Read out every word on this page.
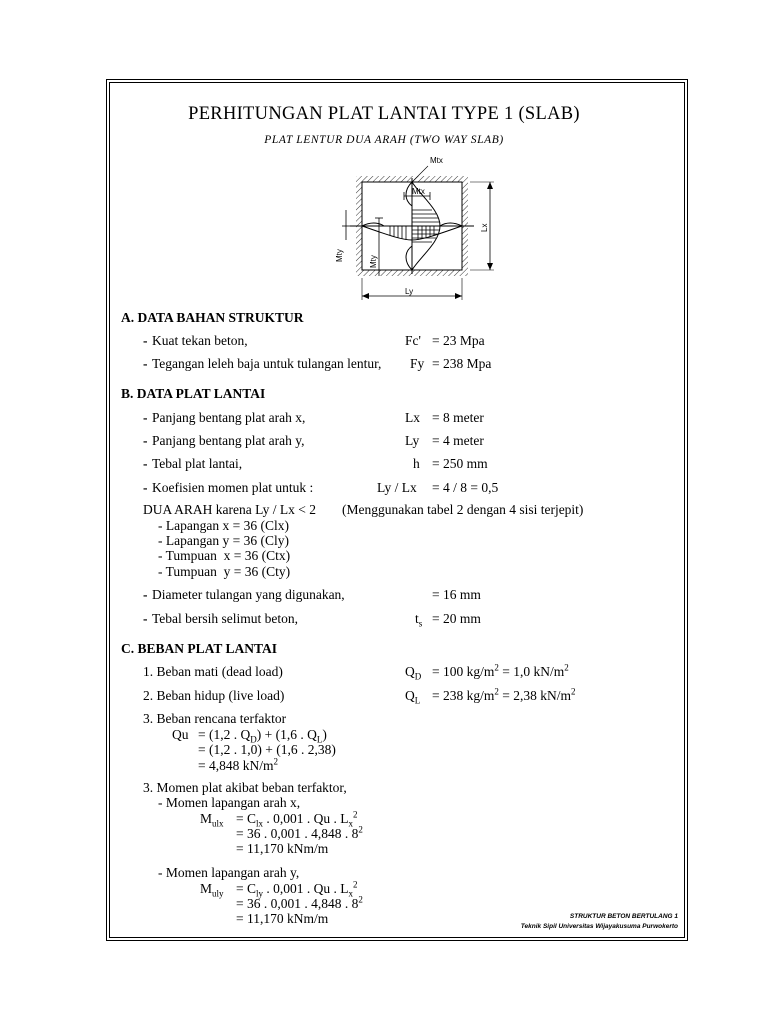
PERHITUNGAN PLAT LANTAI TYPE 1 (SLAB)
PLAT LENTUR DUA ARAH (TWO WAY SLAB)
Mtx
Mtx
Lx
Mty	Mty
Ly
A. DATA BAHAN STRUKTUR
- Kuat tekan beton,	Fc' = 23 Mpa
- Tegangan leleh baja untuk tulangan lentur, Fy = 238 Mpa
B. DATA PLAT LANTAI
- Panjang bentang plat arah x,	Lx = 8 meter
- Panjang bentang plat arah y,	Ly = 4 meter
- Tebal plat lantai,	h = 250 mm
- Koefisien momen plat untuk :	Ly / Lx = 4 / 8 = 0,5
DUA ARAH karena Ly / Lx < 2 (Menggunakan tabel 2 dengan 4 sisi terjepit)
- Lapangan x = 36 (Clx)
- Lapangan y = 36 (Cly)
- Tumpuan  x = 36 (Ctx)
- Tumpuan  y = 36 (Cty)
- Diameter tulangan yang digunakan,	= 16 mm
- Tebal bersih selimut beton,	$t_s = 20$ mm
C. BEBAN PLAT LANTAI
1. Beban mati (dead load)	$Q_D = 100$ $kg/m^2 = 1,0$ $kN/m^2$
2. Beban hidup (live load)	$Q_L = 238$ $kg/m^2 = 2,38$ $kN/m^2$
3. Beban rencana terfaktor
Qu = (1,2 . $Q_D) + (1,6$ . $Q_L$)
= (1,2 . 1,0) + (1,6 . 2,38)
= 4,848 $kN/m^2$
3. Momen plat akibat beban terfaktor,
- Momen lapangan arah x,
$M_{ulx} = C_{lx}$ . 0,001 . Qu . $L_x^2$
= 36 . 0,001 . 4,848 . $8^2$
= 11,170 kNm/m
- Momen lapangan arah y,
$M_{uly} = C_{ly}$ . 0,001 . Qu . $L_x^2$
= 36 . 0,001 . 4,848 . $8^2$
= 11,170 kNm/m	STRUKTUR BETON BERTULANG 1
Teknik Sipil Universitas Wijayakusuma Purwokerto
